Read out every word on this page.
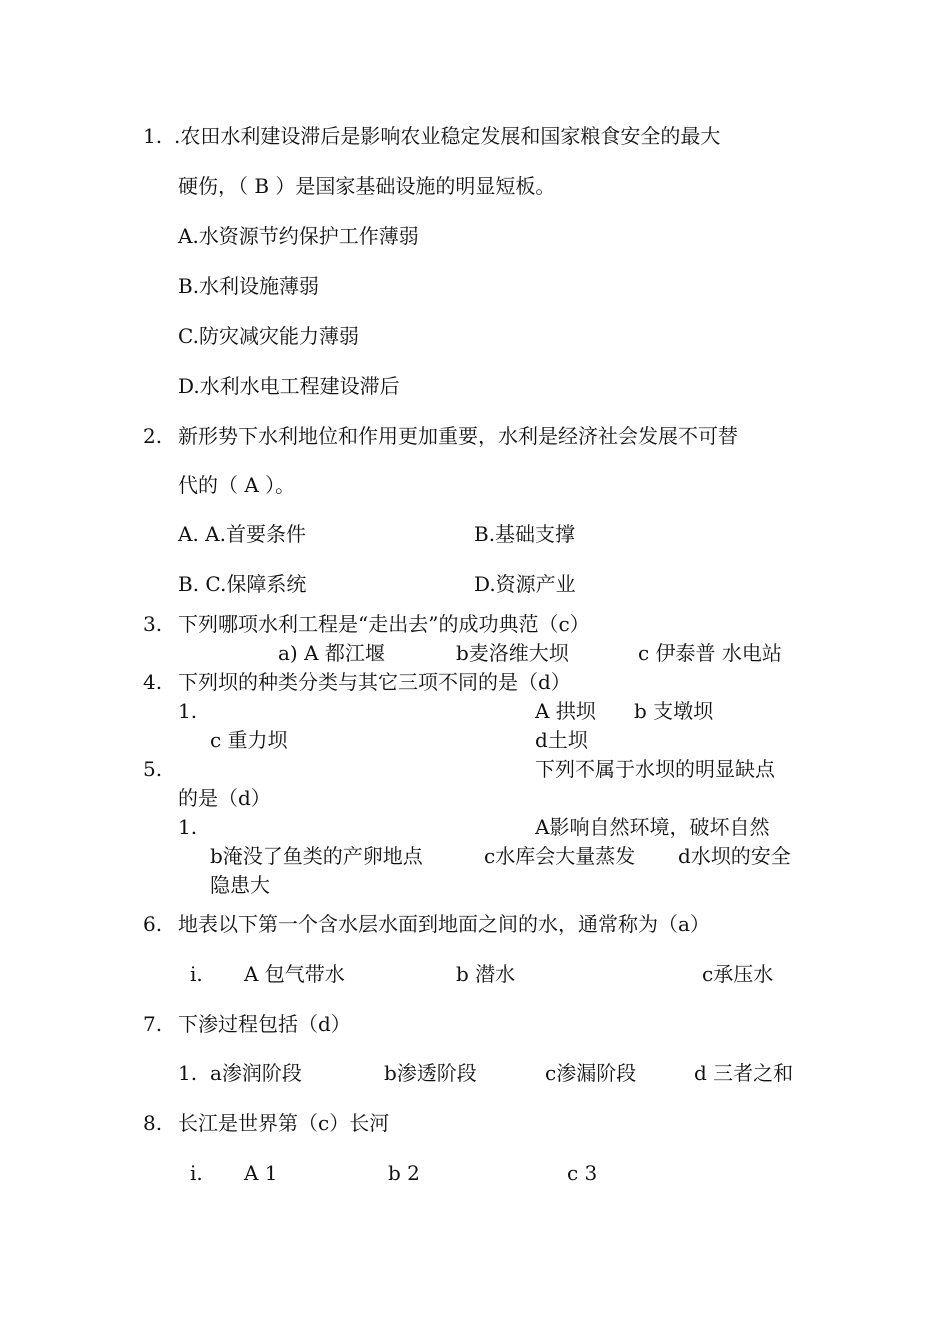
1. .农田水利建设滞后是影响农业稳定发展和国家粮食安全的最大
硬伤，（ B ）是国家基础设施的明显短板。
A.水资源节约保护工作薄弱
B.水利设施薄弱
C.防灾减灾能力薄弱
D.水利水电工程建设滞后
2. 新形势下水利地位和作用更加重要，水利是经济社会发展不可替
代的（ A ）。
A. A.首要条件	B.基础支撑
B. C.保障系统	D.资源产业
3. 下列哪项水利工程是“走出去”的成功典范（c）
a) A 都江堰	b麦洛维大坝	c 伊泰普 水电站
4. 下列坝的种类分类与其它三项不同的是（d）
1.	A 拱坝 b 支墩坝
c 重力坝	d土坝
5.	下列不属于水坝的明显缺点
的是（d）
1.	A影响自然环境，破坏自然
b淹没了鱼类的产卵地点	c水库会大量蒸发 d水坝的安全
隐患大
6. 地表以下第一个含水层水面到地面之间的水，通常称为（a）
i. A 包气带水	b 潜水	c承压水
7. 下渗过程包括（d）
1. a渗润阶段	b渗透阶段	c渗漏阶段	d 三者之和
8. 长江是世界第（c）长河
i. A 1	b 2	c 3
